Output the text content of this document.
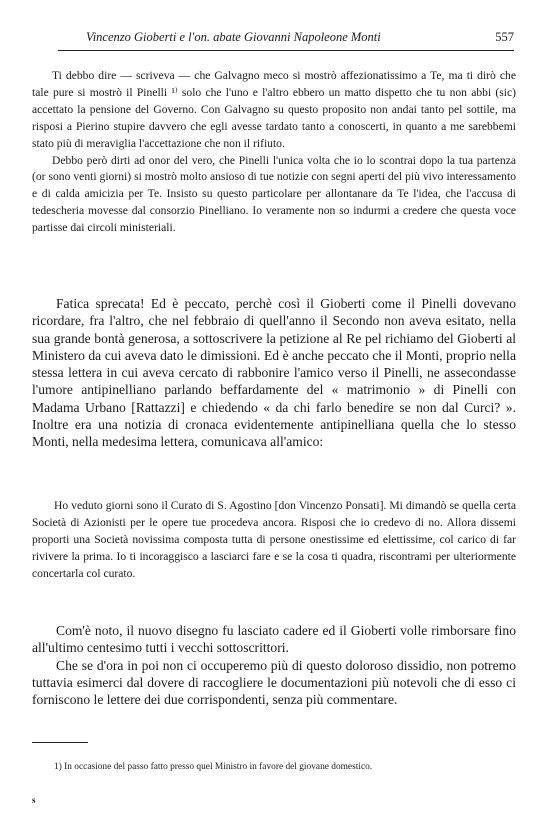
Vincenzo Gioberti e l'on. abate Giovanni Napoleone Monti	557

Ti debbo dire — scriveva — che Galvagno meco si mostrò affezionatissimo a Te, ma ti dirò che tale pure si mostrò il Pinelli ¹⁾ solo che l'uno e l'altro ebbero un matto dispetto che tu non abbi (sic) accettato la pensione del Governo. Con Galvagno su questo proposito non andai tanto pel sottile, ma risposi a Pierino stupire davvero che egli avesse tardato tanto a conoscerti, in quanto a me sarebbemi stato più di meraviglia l'accettazione che non il rifiuto.

Debbo però dirti ad onor del vero, che Pinelli l'unica volta che io lo scontrai dopo la tua partenza (or sono venti giorni) si mostrò molto ansioso di tue notizie con segni aperti del più vivo interessamento e di calda amicizia per Te. Insisto su questo particolare per allontanare da Te l'idea, che l'accusa di tedescheria movesse dal consorzio Pinelliano. Io veramente non so indurmi a credere che questa voce partisse dai circoli ministeriali.

Fatica sprecata! Ed è peccato, perchè così il Gioberti come il Pinelli dovevano ricordare, fra l'altro, che nel febbraio di quell'anno il Secondo non aveva esitato, nella sua grande bontà generosa, a sottoscrivere la petizione al Re pel richiamo del Gioberti al Ministero da cui aveva dato le dimissioni. Ed è anche peccato che il Monti, proprio nella stessa lettera in cui aveva cercato di rabbonire l'amico verso il Pinelli, ne assecondasse l'umore antipinelliano parlando beffardamente del « matrimonio » di Pinelli con Madama Urbano [Rattazzi] e chiedendo « da chi farlo benedire se non dal Curci? ». Inoltre era una notizia di cronaca evidentemente antipinelliana quella che lo stesso Monti, nella medesima lettera, comunicava all'amico:

Ho veduto giorni sono il Curato di S. Agostino [don Vincenzo Ponsati]. Mi dimandò se quella certa Società di Azionisti per le opere tue procedeva ancora. Risposi che io credevo di no. Allora dissemi proporti una Società novissima composta tutta di persone onestissime ed elettissime, col carico di far rivivere la prima. Io ti incoraggisco a lasciarci fare e se la cosa ti quadra, riscontrami per ulteriormente concertarla col curato.

Com'è noto, il nuovo disegno fu lasciato cadere ed il Gioberti volle rimborsare fino all'ultimo centesimo tutti i vecchi sottoscrittori.

Che se d'ora in poi non ci occuperemo più di questo doloroso dissidio, non potremo tuttavia esimerci dal dovere di raccogliere le documentazioni più notevoli che di esso ci forniscono le lettere dei due corrispondenti, senza più commentare.

1) In occasione del passo fatto presso quel Ministro in favore del giovane domestico.
s
